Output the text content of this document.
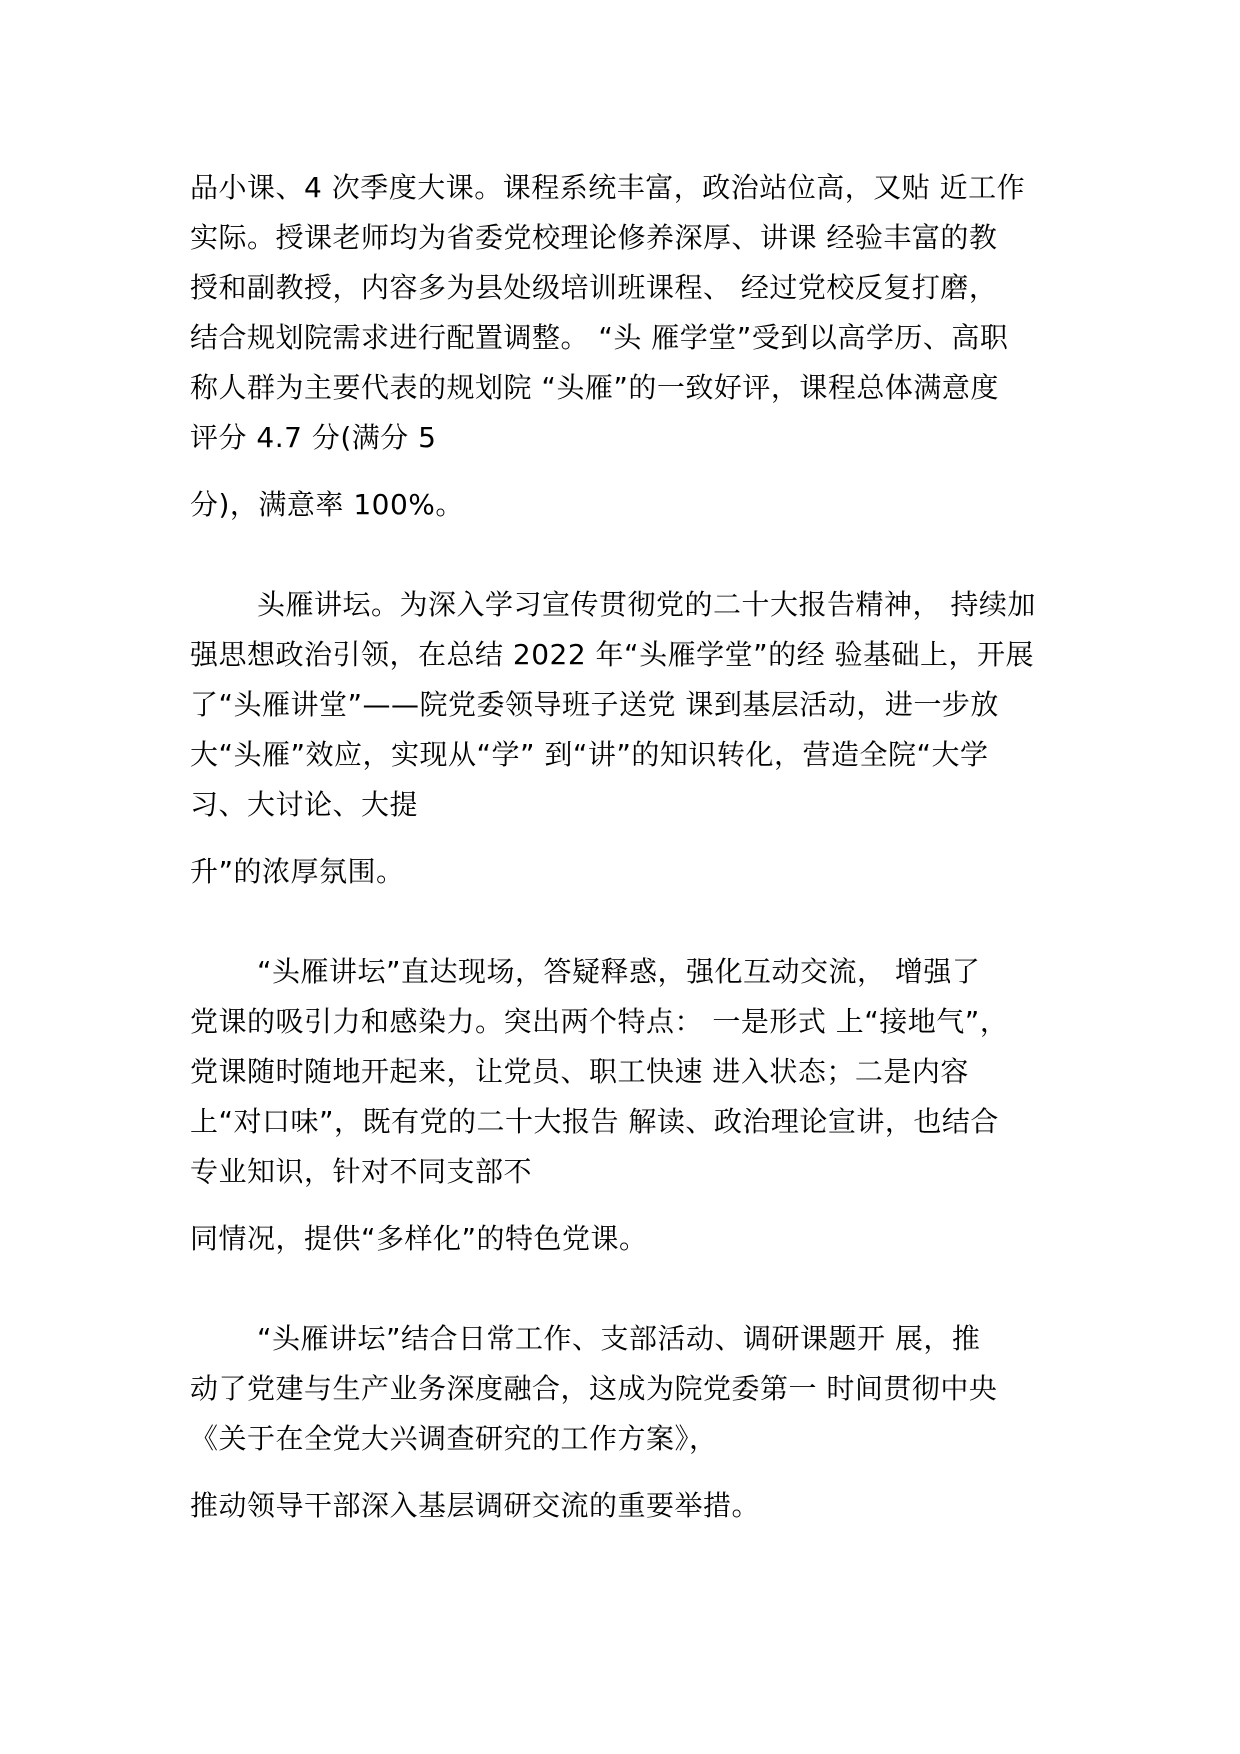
品小课、4 次季度大课。课程系统丰富，政治站位高，又贴 近工作
实际。授课老师均为省委党校理论修养深厚、讲课 经验丰富的教
授和副教授，内容多为县处级培训班课程、 经过党校反复打磨，
结合规划院需求进行配置调整。 “头 雁学堂”受到以高学历、高职
称人群为主要代表的规划院 “头雁”的一致好评，课程总体满意度
评分 4.7 分(满分 5
分)，满意率 100%。
头雁讲坛。为深入学习宣传贯彻党的二十大报告精神， 持续加
强思想政治引领，在总结 2022 年“头雁学堂”的经 验基础上，开展
了“头雁讲堂”——院党委领导班子送党 课到基层活动，进一步放
大“头雁”效应，实现从“学” 到“讲”的知识转化，营造全院“大学
习、大讨论、大提
升”的浓厚氛围。
“头雁讲坛”直达现场，答疑释惑，强化互动交流， 增强了
党课的吸引力和感染力。突出两个特点： 一是形式 上“接地气”，
党课随时随地开起来，让党员、职工快速 进入状态；二是内容
上“对口味”，既有党的二十大报告 解读、政治理论宣讲，也结合
专业知识，针对不同支部不
同情况，提供“多样化”的特色党课。
“头雁讲坛”结合日常工作、支部活动、调研课题开 展，推
动了党建与生产业务深度融合，这成为院党委第一 时间贯彻中央
《关于在全党大兴调查研究的工作方案》，
推动领导干部深入基层调研交流的重要举措。
